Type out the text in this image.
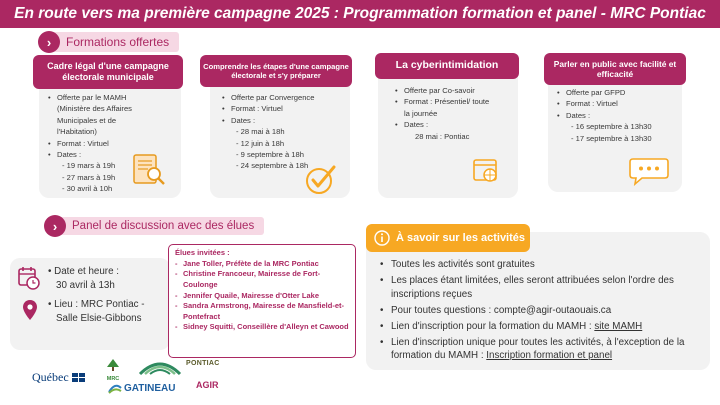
En route vers ma première campagne 2025 : Programmation formation et panel - MRC Pontiac
›	Formations offertes
Cadre légal d'une campagne électorale municipale
• Offerte par le MAMH
(Ministère des Affaires
Municipales et de
l'Habitation)
• Format : Virtuel
• Dates :
- 19 mars à 19h
- 27 mars à 19h
- 30 avril à 10h
Comprendre les étapes d'une campagne électorale et s'y préparer
• Offerte par Convergence
• Format : Virtuel
• Dates :
- 28 mai à 18h
- 12 juin à 18h
- 9 septembre à 18h
- 24 septembre à 18h
La cyberintimidation
• Offerte par Co-savoir
• Format : Présentiel/ toute
la journée
• Dates :
28 mai : Pontiac
Parler en public avec facilité et efficacité
• Offerte par GFPD
• Format : Virtuel
• Dates :
- 16 septembre à 13h30
- 17 septembre à 13h30
›	Panel de discussion avec des élues
• Date et heure :
30 avril à 13h
• Lieu : MRC Pontiac -
Salle Elsie-Gibbons
Élues invitées :
- Jane Toller, Préfète de la MRC Pontiac
- Christine Francoeur, Mairesse de Fort-Coulonge
- Jennifer Quaile, Mairesse d'Otter Lake
- Sandra Armstrong, Mairesse de Mansfield-et-Pontefract
- Sidney Squitti, Conseillère d'Alleyn et Cawood
À savoir sur les activités
• Toutes les activités sont gratuites
• Les places étant limitées, elles seront attribuées selon l'ordre des inscriptions reçues
• Pour toutes questions : compte@agir-outaouais.ca
• Lien d'inscription pour la formation du MAMH : site MAMH
• Lien d'inscription unique pour toutes les activités, à l'exception de la formation du MAMH : Inscription formation et panel
Québec	MRC
PONTIAC
GATINEAU AGIR
